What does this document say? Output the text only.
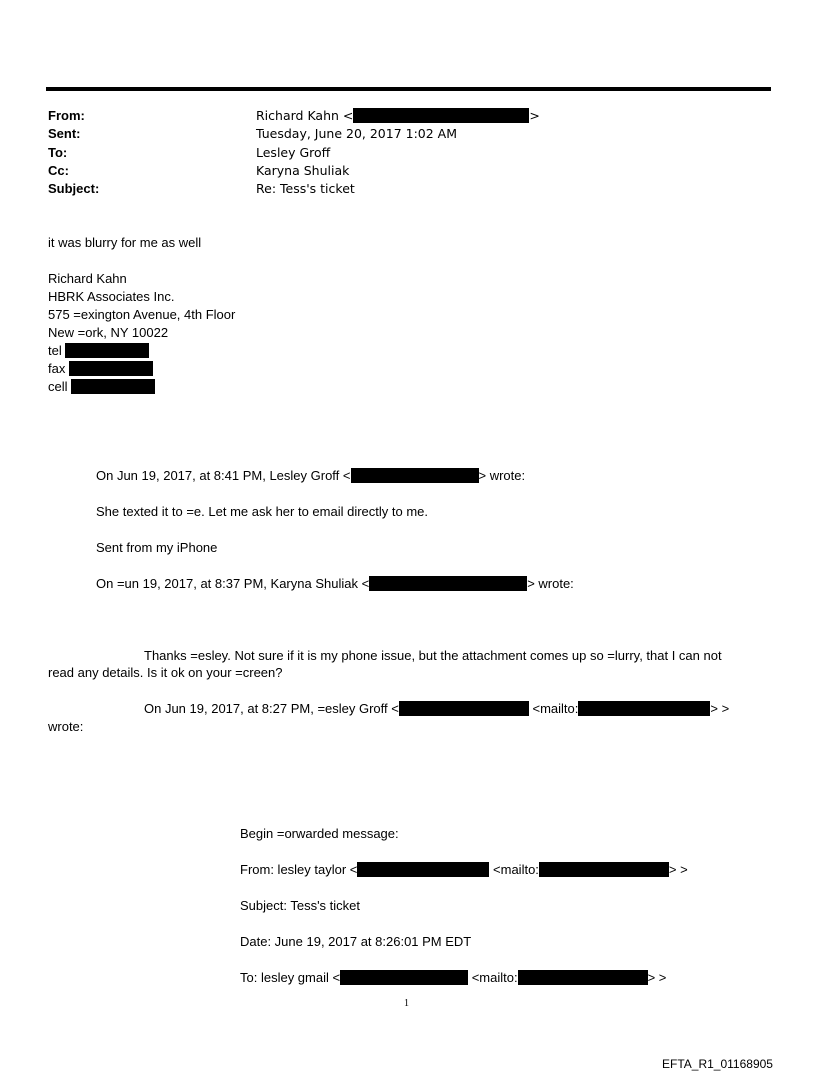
From:	Richard Kahn <	>
Sent:	Tuesday, June 20, 2017 1:02 AM
To:	Lesley Groff
Cc:	Karyna Shuliak
Subject:	Re: Tess's ticket
it was blurry for me as well
Richard Kahn
HBRK Associates Inc.
575 =exington Avenue, 4th Floor
New =ork, NY 10022
tel
fax
cell
On Jun 19, 2017, at 8:41 PM, Lesley Groff <	> wrote:
She texted it to =e. Let me ask her to email directly to me.
Sent from my iPhone
On =un 19, 2017, at 8:37 PM, Karyna Shuliak <	> wrote:
Thanks =esley. Not sure if it is my phone issue, but the attachment comes up so =lurry, that I can not
read any details. Is it ok on your =creen?
On Jun 19, 2017, at 8:27 PM, =esley Groff <	<mailto:	> >
wrote:
Begin =orwarded message:
From: lesley taylor <	<mailto:	> >
Subject: Tess's ticket
Date: June 19, 2017 at 8:26:01 PM EDT
To: lesley gmail <	<mailto:	> >
1
EFTA_R1_01168905
